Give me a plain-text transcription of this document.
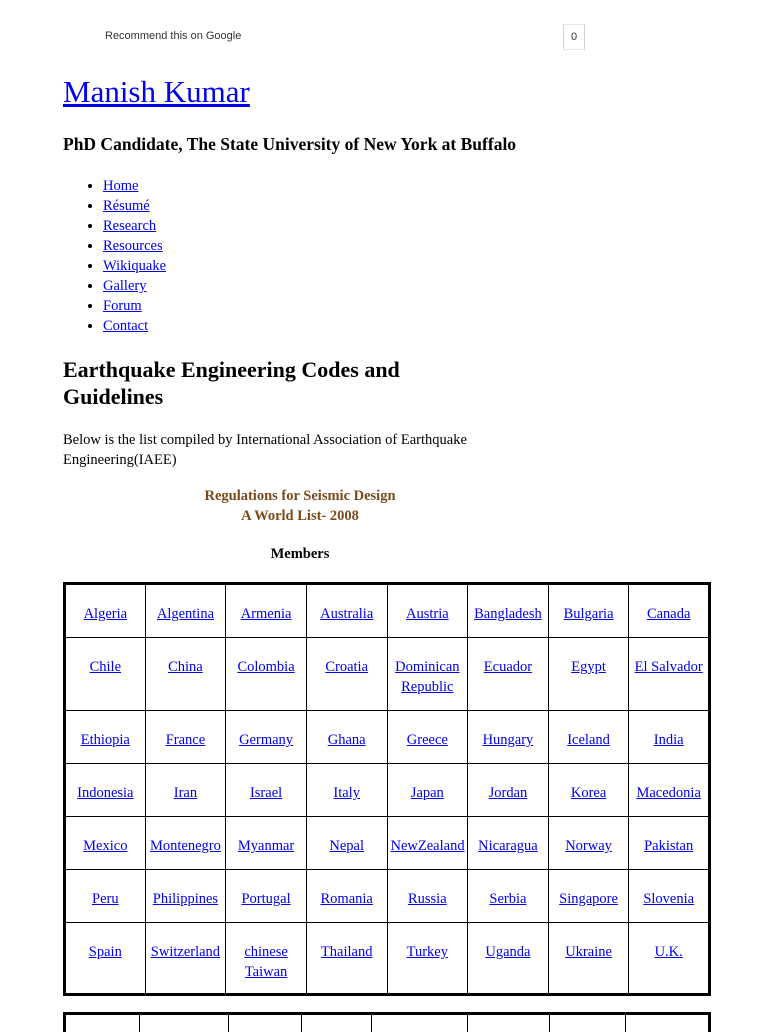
Recommend this on Google	0
Manish Kumar
PhD Candidate, The State University of New York at Buffalo
• Home
• Résumé
• Research
• Resources
• Wikiquake
• Gallery
• Forum
• Contact
Earthquake Engineering Codes and Guidelines

Below is the list compiled by International Association of Earthquake Engineering(IAEE)

Regulations for Seismic Design
A World List- 2008
Members
Algeria	Algentina	Armenia	Australia	Austria	Bangladesh	Bulgaria	Canada
Chile	China	Colombia	Croatia	Dominican Republic	Ecuador	Egypt	El Salvador
Ethiopia	France	Germany	Ghana	Greece	Hungary	Iceland	India
Indonesia	Iran	Israel	Italy	Japan	Jordan	Korea	Macedonia
Mexico	Montenegro	Myanmar	Nepal	NewZealand	Nicaragua	Norway	Pakistan
Peru	Philippines	Portugal	Romania	Russia	Serbia	Singapore	Slovenia
Spain	Switzerland	chinese Taiwan	Thailand	Turkey	Uganda	Ukraine	U.K.
